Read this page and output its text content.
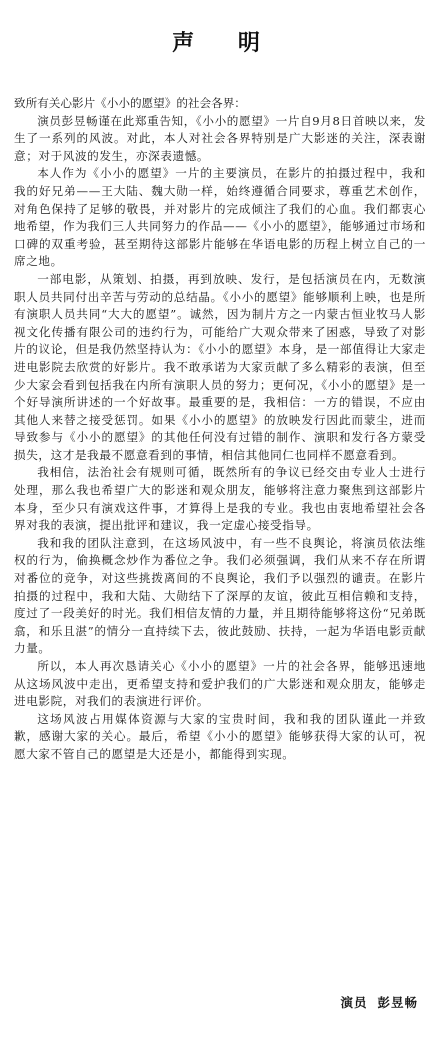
声 明

致所有关心影片《小小的愿望》的社会各界：

演员彭昱畅谨在此郑重告知，《小小的愿望》一片自9月8日首映以来，发生了一系列的风波。对此，本人对社会各界特别是广大影迷的关注，深表谢意；对于风波的发生，亦深表遗憾。

本人作为《小小的愿望》一片的主要演员，在影片的拍摄过程中，我和我的好兄弟——王大陆、魏大勋一样，始终遵循合同要求，尊重艺术创作，对角色保持了足够的敬畏，并对影片的完成倾注了我们的心血。我们都衷心地希望，作为我们三人共同努力的作品——《小小的愿望》，能够通过市场和口碑的双重考验，甚至期待这部影片能够在华语电影的历程上树立自己的一席之地。

一部电影，从策划、拍摄，再到放映、发行，是包括演员在内，无数演职人员共同付出辛苦与劳动的总结晶。《小小的愿望》能够顺利上映，也是所有演职人员共同“大大的愿望”。诚然，因为制片方之一内蒙古恒业牧马人影视文化传播有限公司的违约行为，可能给广大观众带来了困惑，导致了对影片的议论，但是我仍然坚持认为：《小小的愿望》本身，是一部值得让大家走进电影院去欣赏的好影片。我不敢承诺为大家贡献了多么精彩的表演，但至少大家会看到包括我在内所有演职人员的努力；更何况，《小小的愿望》是一个好导演所讲述的一个好故事。最重要的是，我相信：一方的错误，不应由其他人来替之接受惩罚。如果《小小的愿望》的放映发行因此而蒙尘，进而导致参与《小小的愿望》的其他任何没有过错的制作、演职和发行各方蒙受损失，这才是我最不愿意看到的事情，相信其他同仁也同样不愿意看到。

我相信，法治社会有规则可循，既然所有的争议已经交由专业人士进行处理，那么我也希望广大的影迷和观众朋友，能够将注意力聚焦到这部影片本身，至少只有演戏这件事，才算得上是我的专业。我也由衷地希望社会各界对我的表演，提出批评和建议，我一定虚心接受指导。

我和我的团队注意到，在这场风波中，有一些不良舆论，将演员依法维权的行为，偷换概念炒作为番位之争。我们必须强调，我们从来不存在所谓对番位的竞争，对这些挑拨离间的不良舆论，我们予以强烈的谴责。在影片拍摄的过程中，我和大陆、大勋结下了深厚的友谊，彼此互相信赖和支持，度过了一段美好的时光。我们相信友情的力量，并且期待能够将这份“兄弟既翕，和乐且湛”的情分一直持续下去，彼此鼓励、扶持，一起为华语电影贡献力量。

所以，本人再次恳请关心《小小的愿望》一片的社会各界，能够迅速地从这场风波中走出，更希望支持和爱护我们的广大影迷和观众朋友，能够走进电影院，对我们的表演进行评价。

这场风波占用媒体资源与大家的宝贵时间，我和我的团队谨此一并致歉，感谢大家的关心。最后，希望《小小的愿望》能够获得大家的认可，祝愿大家不管自己的愿望是大还是小，都能得到实现。

演员 彭昱畅
